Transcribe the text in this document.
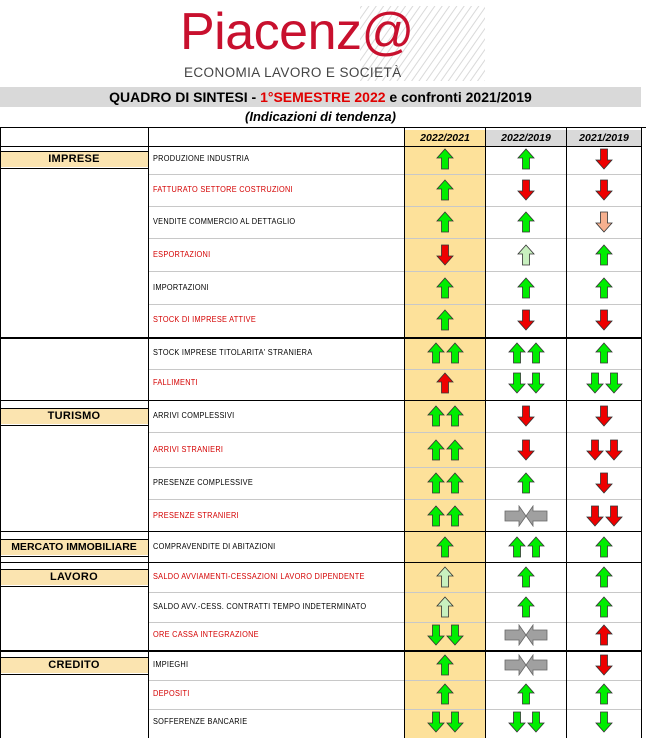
Piacenz@
ECONOMIA LAVORO E SOCIETÀ
QUADRO DI SINTESI - 1°SEMESTRE 2022 e confronti 2021/2019
(Indicazioni di tendenza)
2022/2021	2022/2019	2021/2019
IMPRESE
TURISMO
MERCATO IMMOBILIARE
LAVORO
CREDITO
PRODUZIONE INDUSTRIA
FATTURATO SETTORE COSTRUZIONI
VENDITE COMMERCIO AL DETTAGLIO
ESPORTAZIONI
IMPORTAZIONI
STOCK DI IMPRESE ATTIVE
STOCK IMPRESE TITOLARITA' STRANIERA
FALLIMENTI
ARRIVI COMPLESSIVI
ARRIVI STRANIERI
PRESENZE COMPLESSIVE
PRESENZE STRANIERI
COMPRAVENDITE DI ABITAZIONI
SALDO AVVIAMENTI-CESSAZIONI LAVORO DIPENDENTE
SALDO AVV.-CESS. CONTRATTI TEMPO INDETERMINATO
ORE CASSA INTEGRAZIONE
IMPIEGHI
DEPOSITI
SOFFERENZE BANCARIE
